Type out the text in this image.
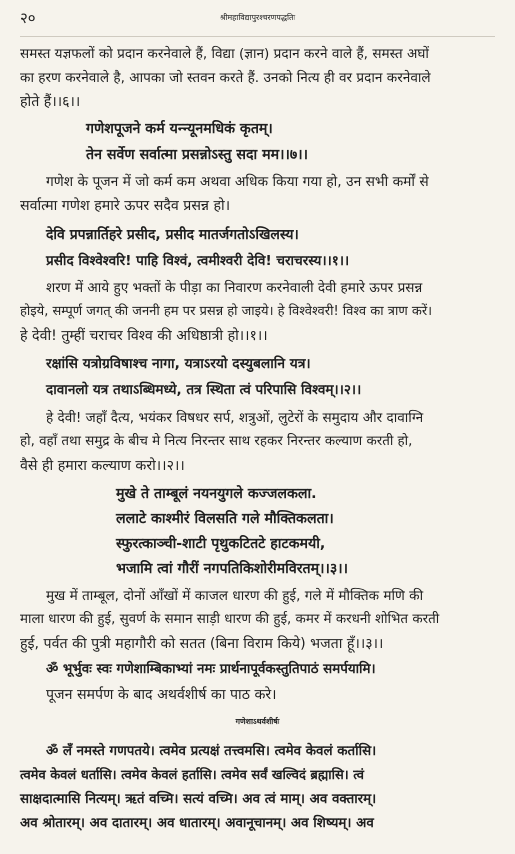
२०	श्रीमहाविद्यापुरश्चरणपद्धतिः
समस्त यज्ञफलों को प्रदान करनेवाले हैं, विद्या (ज्ञान) प्रदान करने वाले हैं, समस्त अघों
का हरण करनेवाले है, आपका जो स्तवन करते हैं. उनको नित्य ही वर प्रदान करनेवाले
होते हैं।।६।।
गणेशपूजने कर्म यन्न्यूनमधिकं कृतम्।
तेन सर्वेण सर्वात्मा प्रसन्नोऽस्तु सदा मम।।७।।
गणेश के पूजन में जो कर्म कम अथवा अधिक किया गया हो, उन सभी कर्मों से
सर्वात्मा गणेश हमारे ऊपर सदैव प्रसन्न हो।
देवि प्रपन्नार्तिहरे प्रसीद, प्रसीद मातर्जगतोऽखिलस्य।
प्रसीद विश्वेश्वरि! पाहि विश्वं, त्वमीश्वरी देवि! चराचरस्य।।१।।
शरण में आये हुए भक्तों के पीड़ा का निवारण करनेवाली देवी हमारे ऊपर प्रसन्न
होइये, सम्पूर्ण जगत् की जननी हम पर प्रसन्न हो जाइये। हे विश्वेश्वरी! विश्व का त्राण करें।
हे देवी! तुम्हीं चराचर विश्व की अधिष्ठात्री हो।।१।।
रक्षांसि यत्रोग्रविषाश्च नागा, यत्राऽरयो दस्युबलानि यत्र।
दावानलो यत्र तथाऽब्धिमध्ये, तत्र स्थिता त्वं परिपासि विश्वम्।।२।।
हे देवी! जहाँ दैत्य, भयंकर विषधर सर्प, शत्रुओं, लुटेरों के समुदाय और दावाग्नि
हो, वहाँ तथा समुद्र के बीच मे नित्य निरन्तर साथ रहकर निरन्तर कल्याण करती हो,
वैसे ही हमारा कल्याण करो।।२।।
मुखे ते ताम्बूलं नयनयुगले कज्जलकला.
ललाटे काश्मीरं विलसति गले मौक्तिकलता।
स्फुरत्काञ्ची-शाटी पृथुकटितटे हाटकमयी,
भजामि त्वां गौरीं नगपतिकिशोरीमविरतम्।।३।।
मुख में ताम्बूल, दोनों आँखों में काजल धारण की हुई, गले में मौक्तिक मणि की
माला धारण की हुई, सुवर्ण के समान साड़ी धारण की हुई, कमर में करधनी शोभित करती
हुई, पर्वत की पुत्री महागौरी को सतत (बिना विराम किये) भजता हूँ।।३।।
ॐ भूर्भुवः स्वः गणेशाम्बिकाभ्यां नमः प्रार्थनापूर्वकस्तुतिपाठं समर्पयामि।
पूजन समर्पण के बाद अथर्वशीर्ष का पाठ करे।
गणेशाऽथर्वशीर्षः
ॐ लँ नमस्ते गणपतये। त्वमेव प्रत्यक्षं तत्त्वमसि। त्वमेव केवलं कर्तासि।
त्वमेव केवलं धर्तासि। त्वमेव केवलं हर्तासि। त्वमेव सर्वं खल्विदं ब्रह्मासि। त्वं
साक्षदात्मासि नित्यम्। ऋतं वच्मि। सत्यं वच्मि। अव त्वं माम्। अव वक्तारम्।
अव श्रोतारम्। अव दातारम्। अव धातारम्। अवानूचानम्। अव शिष्यम्। अव
